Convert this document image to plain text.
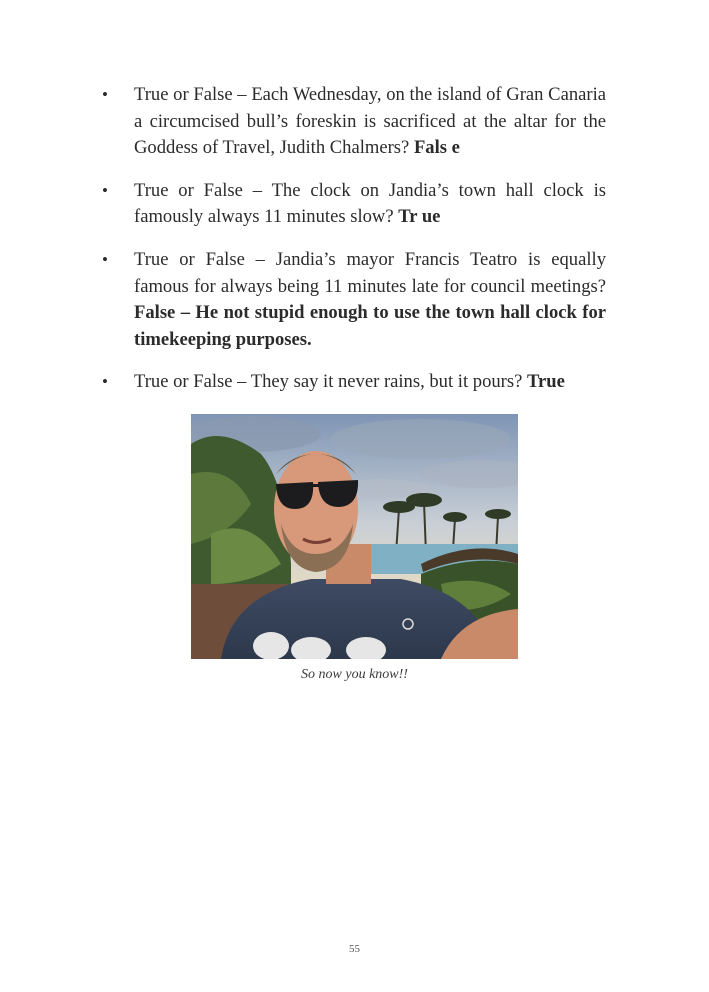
• True or False – Each Wednesday, on the island of Gran Canaria a circumcised bull’s foreskin is sacrificed at the altar for the Goddess of Travel, Judith Chalmers? Fals e
• True or False – The clock on Jandia’s town hall clock is famously always 11 minutes slow? Tr ue
• True or False – Jandia’s mayor Francis Teatro is equally famous for always being 11 minutes late for council meetings? False – He not stupid enough to use the town hall clock for timekeeping purposes.
• True or False – They say it never rains, but it pours? True
So now you know!!
55
